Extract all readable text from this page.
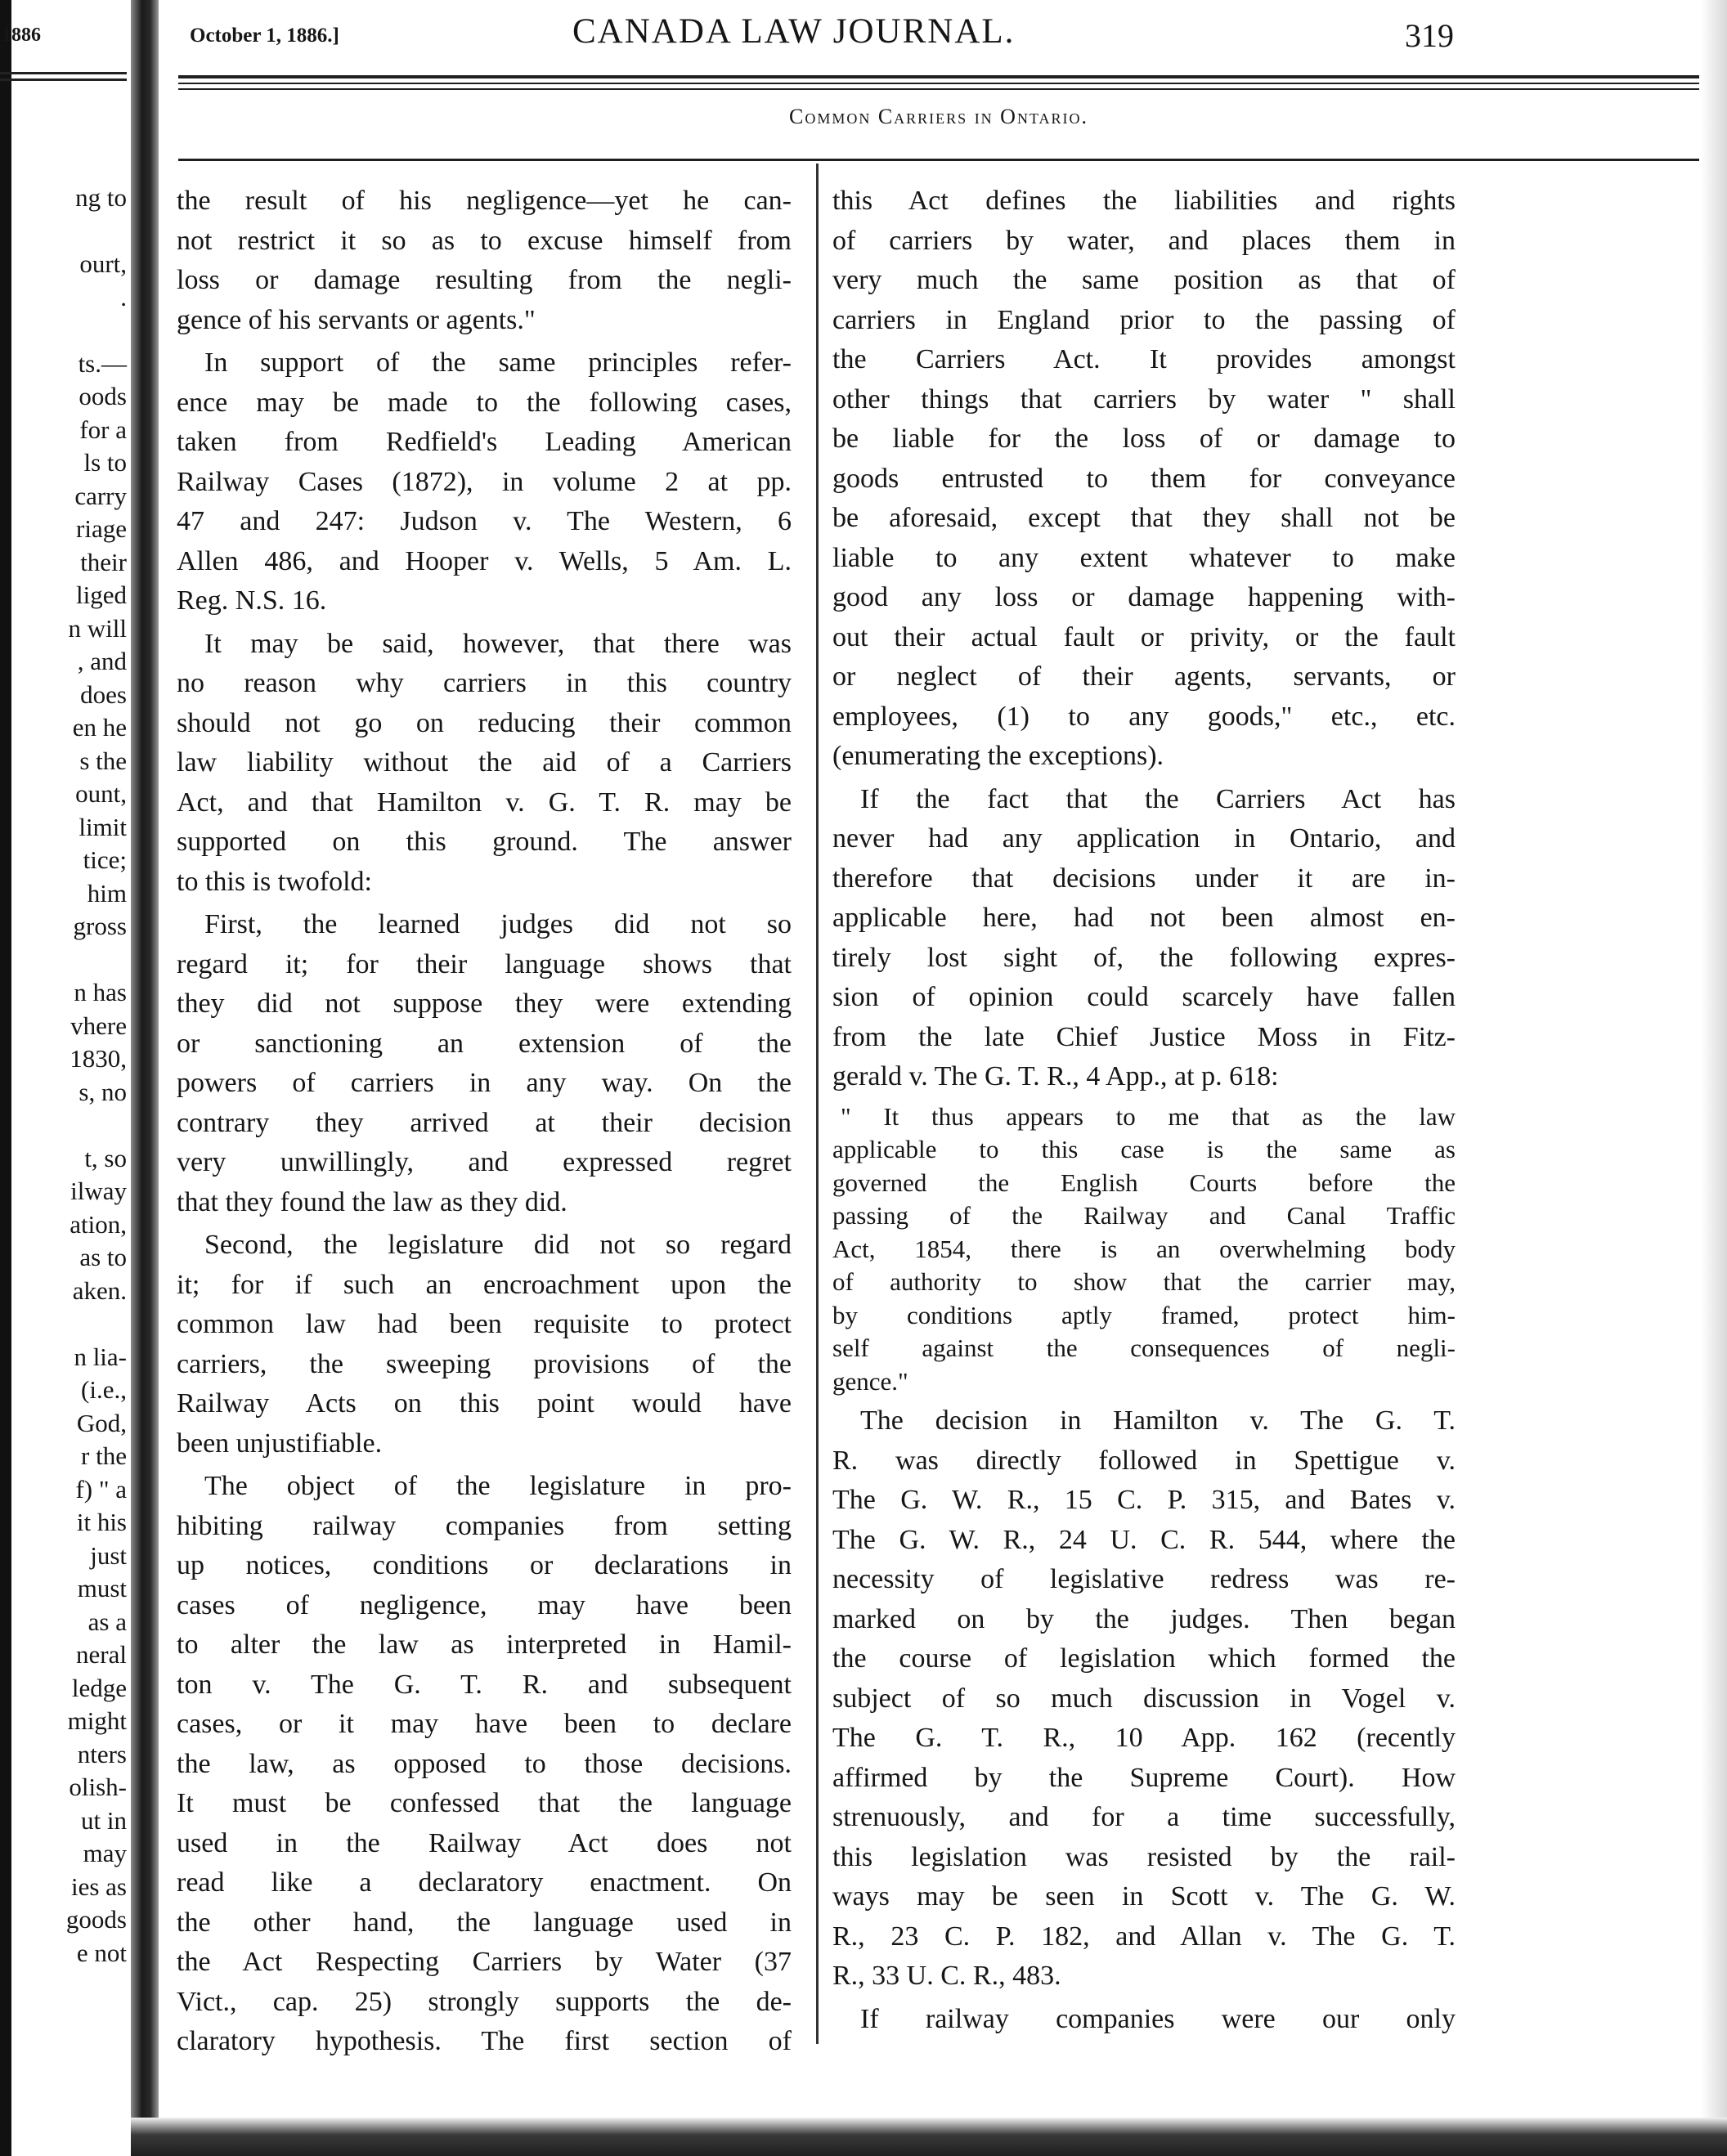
1886
ng to
ourt,
.
ts.—
oods
for a
ls to
carry
riage
their
liged
n will
, and
does
en he
s the
ount,
limit
tice;
him
gross
n has
vhere
1830,
s, no
t, so
ilway
ation,
as to
aken.
n lia-
(i.e.,
God,
r the
f) " a
it his
just
must
as a
neral
ledge
might
nters
olish-
ut in
may
ies as
goods
e not
October 1, 1886.]	CANADA LAW JOURNAL.	319
Common Carriers in Ontario.
the result of his negligence—yet he can-
not restrict it so as to excuse himself from
loss or damage resulting from the negli-
gence of his servants or agents."
In support of the same principles refer-
ence may be made to the following cases,
taken from Redfield's Leading American
Railway Cases (1872), in volume 2 at pp.
47 and 247: Judson v. The Western, 6
Allen 486, and Hooper v. Wells, 5 Am. L.
Reg. N.S. 16.
It may be said, however, that there was
no reason why carriers in this country
should not go on reducing their common
law liability without the aid of a Carriers
Act, and that Hamilton v. G. T. R. may be
supported on this ground. The answer
to this is twofold:
First, the learned judges did not so
regard it; for their language shows that
they did not suppose they were extending
or sanctioning an extension of the
powers of carriers in any way. On the
contrary they arrived at their decision
very unwillingly, and expressed regret
that they found the law as they did.
Second, the legislature did not so regard
it; for if such an encroachment upon the
common law had been requisite to protect
carriers, the sweeping provisions of the
Railway Acts on this point would have
been unjustifiable.
The object of the legislature in pro-
hibiting railway companies from setting
up notices, conditions or declarations in
cases of negligence, may have been
to alter the law as interpreted in Hamil-
ton v. The G. T. R. and subsequent
cases, or it may have been to declare
the law, as opposed to those decisions.
It must be confessed that the language
used in the Railway Act does not
read like a declaratory enactment. On
the other hand, the language used in
the Act Respecting Carriers by Water (37
Vict., cap. 25) strongly supports the de-
claratory hypothesis. The first section of
this Act defines the liabilities and rights
of carriers by water, and places them in
very much the same position as that of
carriers in England prior to the passing of
the Carriers Act. It provides amongst
other things that carriers by water " shall
be liable for the loss of or damage to
goods entrusted to them for conveyance
be aforesaid, except that they shall not be
liable to any extent whatever to make
good any loss or damage happening with-
out their actual fault or privity, or the fault
or neglect of their agents, servants, or
employees, (1) to any goods," etc., etc.
(enumerating the exceptions).
If the fact that the Carriers Act has
never had any application in Ontario, and
therefore that decisions under it are in-
applicable here, had not been almost en-
tirely lost sight of, the following expres-
sion of opinion could scarcely have fallen
from the late Chief Justice Moss in Fitz-
gerald v. The G. T. R., 4 App., at p. 618:
" It thus appears to me that as the law
applicable to this case is the same as
governed the English Courts before the
passing of the Railway and Canal Traffic
Act, 1854, there is an overwhelming body
of authority to show that the carrier may,
by conditions aptly framed, protect him-
self against the consequences of negli-
gence."
The decision in Hamilton v. The G. T.
R. was directly followed in Spettigue v.
The G. W. R., 15 C. P. 315, and Bates v.
The G. W. R., 24 U. C. R. 544, where the
necessity of legislative redress was re-
marked on by the judges. Then began
the course of legislation which formed the
subject of so much discussion in Vogel v.
The G. T. R., 10 App. 162 (recently
affirmed by the Supreme Court). How
strenuously, and for a time successfully,
this legislation was resisted by the rail-
ways may be seen in Scott v. The G. W.
R., 23 C. P. 182, and Allan v. The G. T.
R., 33 U. C. R., 483.
If railway companies were our only
